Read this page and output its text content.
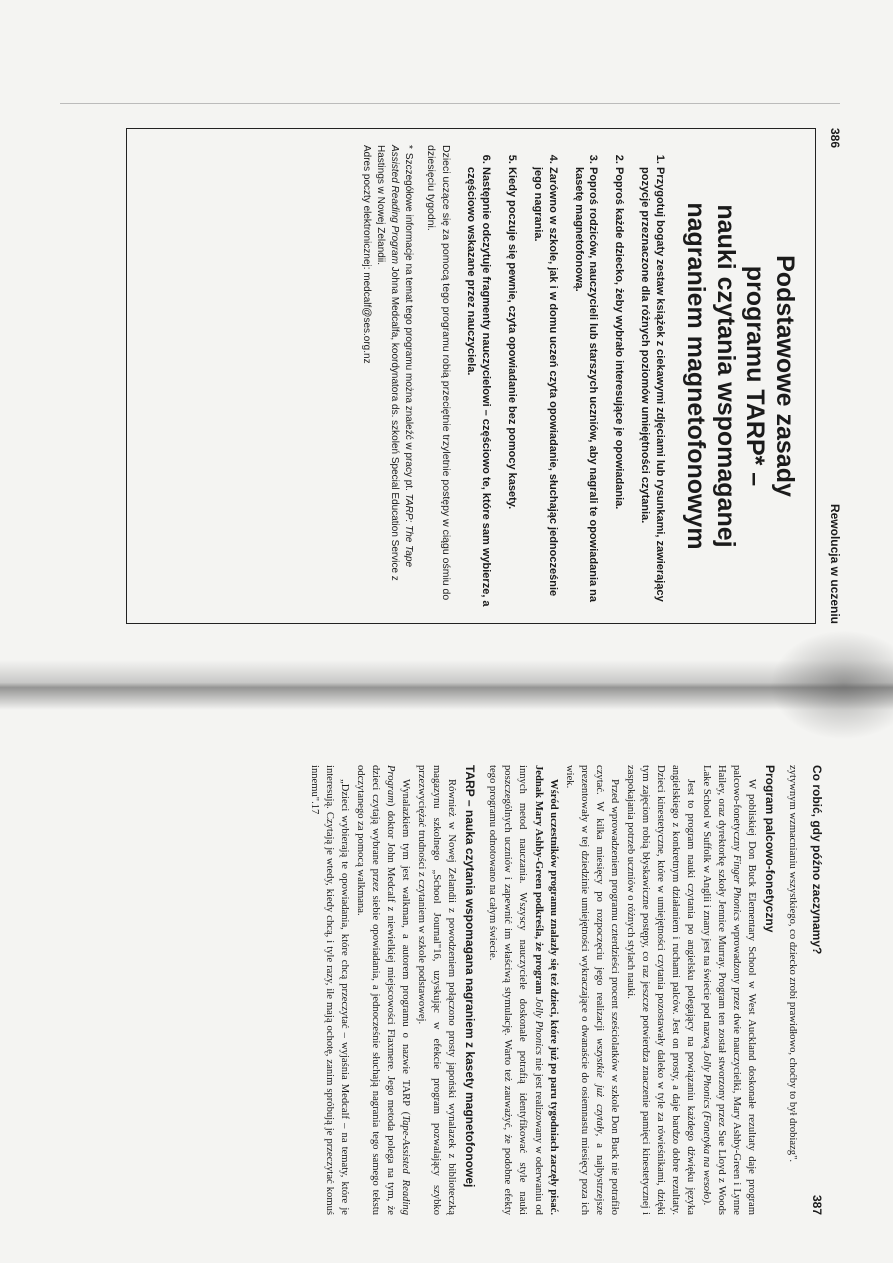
386
Rewolucja w uczeniu
Podstawowe zasady
programu TARP* –
nauki czytania wspomaganej
nagraniem magnetofonowym
1. Przygotuj bogaty zestaw książek z ciekawymi zdjęciami lub rysunkami, zawierający pozycje przeznaczone dla różnych poziomów umiejętności czytania.
2. Poproś każde dziecko, żeby wybrało interesujące je opowiadania.
3. Poproś rodziców, nauczycieli lub starszych uczniów, aby nagrali te opowiadania na kasetę magnetofonową.
4. Zarówno w szkole, jak i w domu uczeń czyta opowiadanie, słuchając jednocześnie jego nagrania.
5. Kiedy poczuje się pewnie, czyta opowiadanie bez pomocy kasety.
6. Następnie odczytuje fragmenty nauczycielowi – częściowo te, które sam wybierze, a częściowo wskazane przez nauczyciela.

Dzieci uczące się za pomocą tego programu robią przeciętnie trzyletnie postępy w ciągu ośmiu do dziesięciu tygodni.

*Szczegółowe informacje na temat tego programu można znaleźć w pracy pt. TARP: The Tape Assisted Reading Program Johna Medcalfa, koordynatora ds. szkoleń Special Education Service z Hastings w Nowej Zelandii.

Adres poczty elektronicznej: medcalf@ses.org.nz

Co robić, gdy późno zaczynamy?
387

zytywnym wzmacnianiu wszystkiego, co dziecko zrobi prawidłowo, choćby to był drobiazg".

Program palcowo-fonetyczny

W pobliskiej Don Buck Elementary School w West Auckland doskonałe rezultaty daje program palcowo-fonetyczny Finger Phonics wprowadzony przez dwie nauczycielki, Mary Ashby-Green i Lynne Hailey, oraz dyrektorkę szkoły Jennice Murray. Program ten został stworzony przez Sue Lloyd z Woods Lake School w Suffolk w Anglii i znany jest na świecie pod nazwą Jolly Phonics (Fonetyka na wesoło).

Jest to program nauki czytania po angielsku polegający na powiązaniu każdego dźwięku języka angielskiego z konkretnym działaniem i ruchami palców. Jest on prosty, a daje bardzo dobre rezultaty. Dzieci kinestetyczne, które w umiejętności czytania pozostawały daleko w tyle za rówieśnikami, dzięki tym zajęciom robią błyskawiczne postępy, co raz jeszcze potwierdza znaczenie pamięci kinestetycznej i zaspokajania potrzeb uczniów o różnych stylach nauki.

Przed wprowadzeniem programu czterdzieści procent sześciolatków w szkole Don Buck nie potrafiło czytać. W kilka miesięcy po rozpoczęciu jego realizacji wszystkie już czytały, a najbystrzejsze prezentowały w tej dziedzinie umiejętności wykraczające o dwanaście do osiemnastu miesięcy poza ich wiek.

Wśród uczestników programu znalazły się też dzieci, które już po paru tygodniach zaczęły pisać. Jednak Mary Ashby-Green podkreśla, że program Jolly Phonics nie jest realizowany w oderwaniu od innych metod nauczania. Wszyscy nauczyciele doskonale potrafią identyfikować style nauki poszczególnych uczniów i zapewnić im właściwą stymulację. Warto też zauważyć, że podobne efekty tego programu odnotowano na całym świecie.

TARP – nauka czytania wspomagana nagraniem z kasety magnetofonowej

Również w Nowej Zelandii z powodzeniem połączono prosty japoński wynalazek z biblioteczką magazynu szkolnego „School Journal"16, uzyskując w efekcie program pozwalający szybko przezwyciężać trudności z czytaniem w szkole podstawowej.

Wynalazkiem tym jest walkman, a autorem programu o nazwie TARP (Tape-Assisted Reading Program) doktor John Medcalf z niewielkiej miejscowości Flaxmere. Jego metoda polega na tym, że dzieci czytają wybrane przez siebie opowiadania, a jednocześnie słuchają nagrania tego samego tekstu odczytanego za pomocą walkmana.

„Dzieci wybierają te opowiadania, które chcą przeczytać – wyjaśnia Medcalf – na tematy, które je interesują. Czytają je wtedy, kiedy chcą, i tyle razy, ile mają ochotę, zanim spróbują je przeczytać komuś innemu".17
